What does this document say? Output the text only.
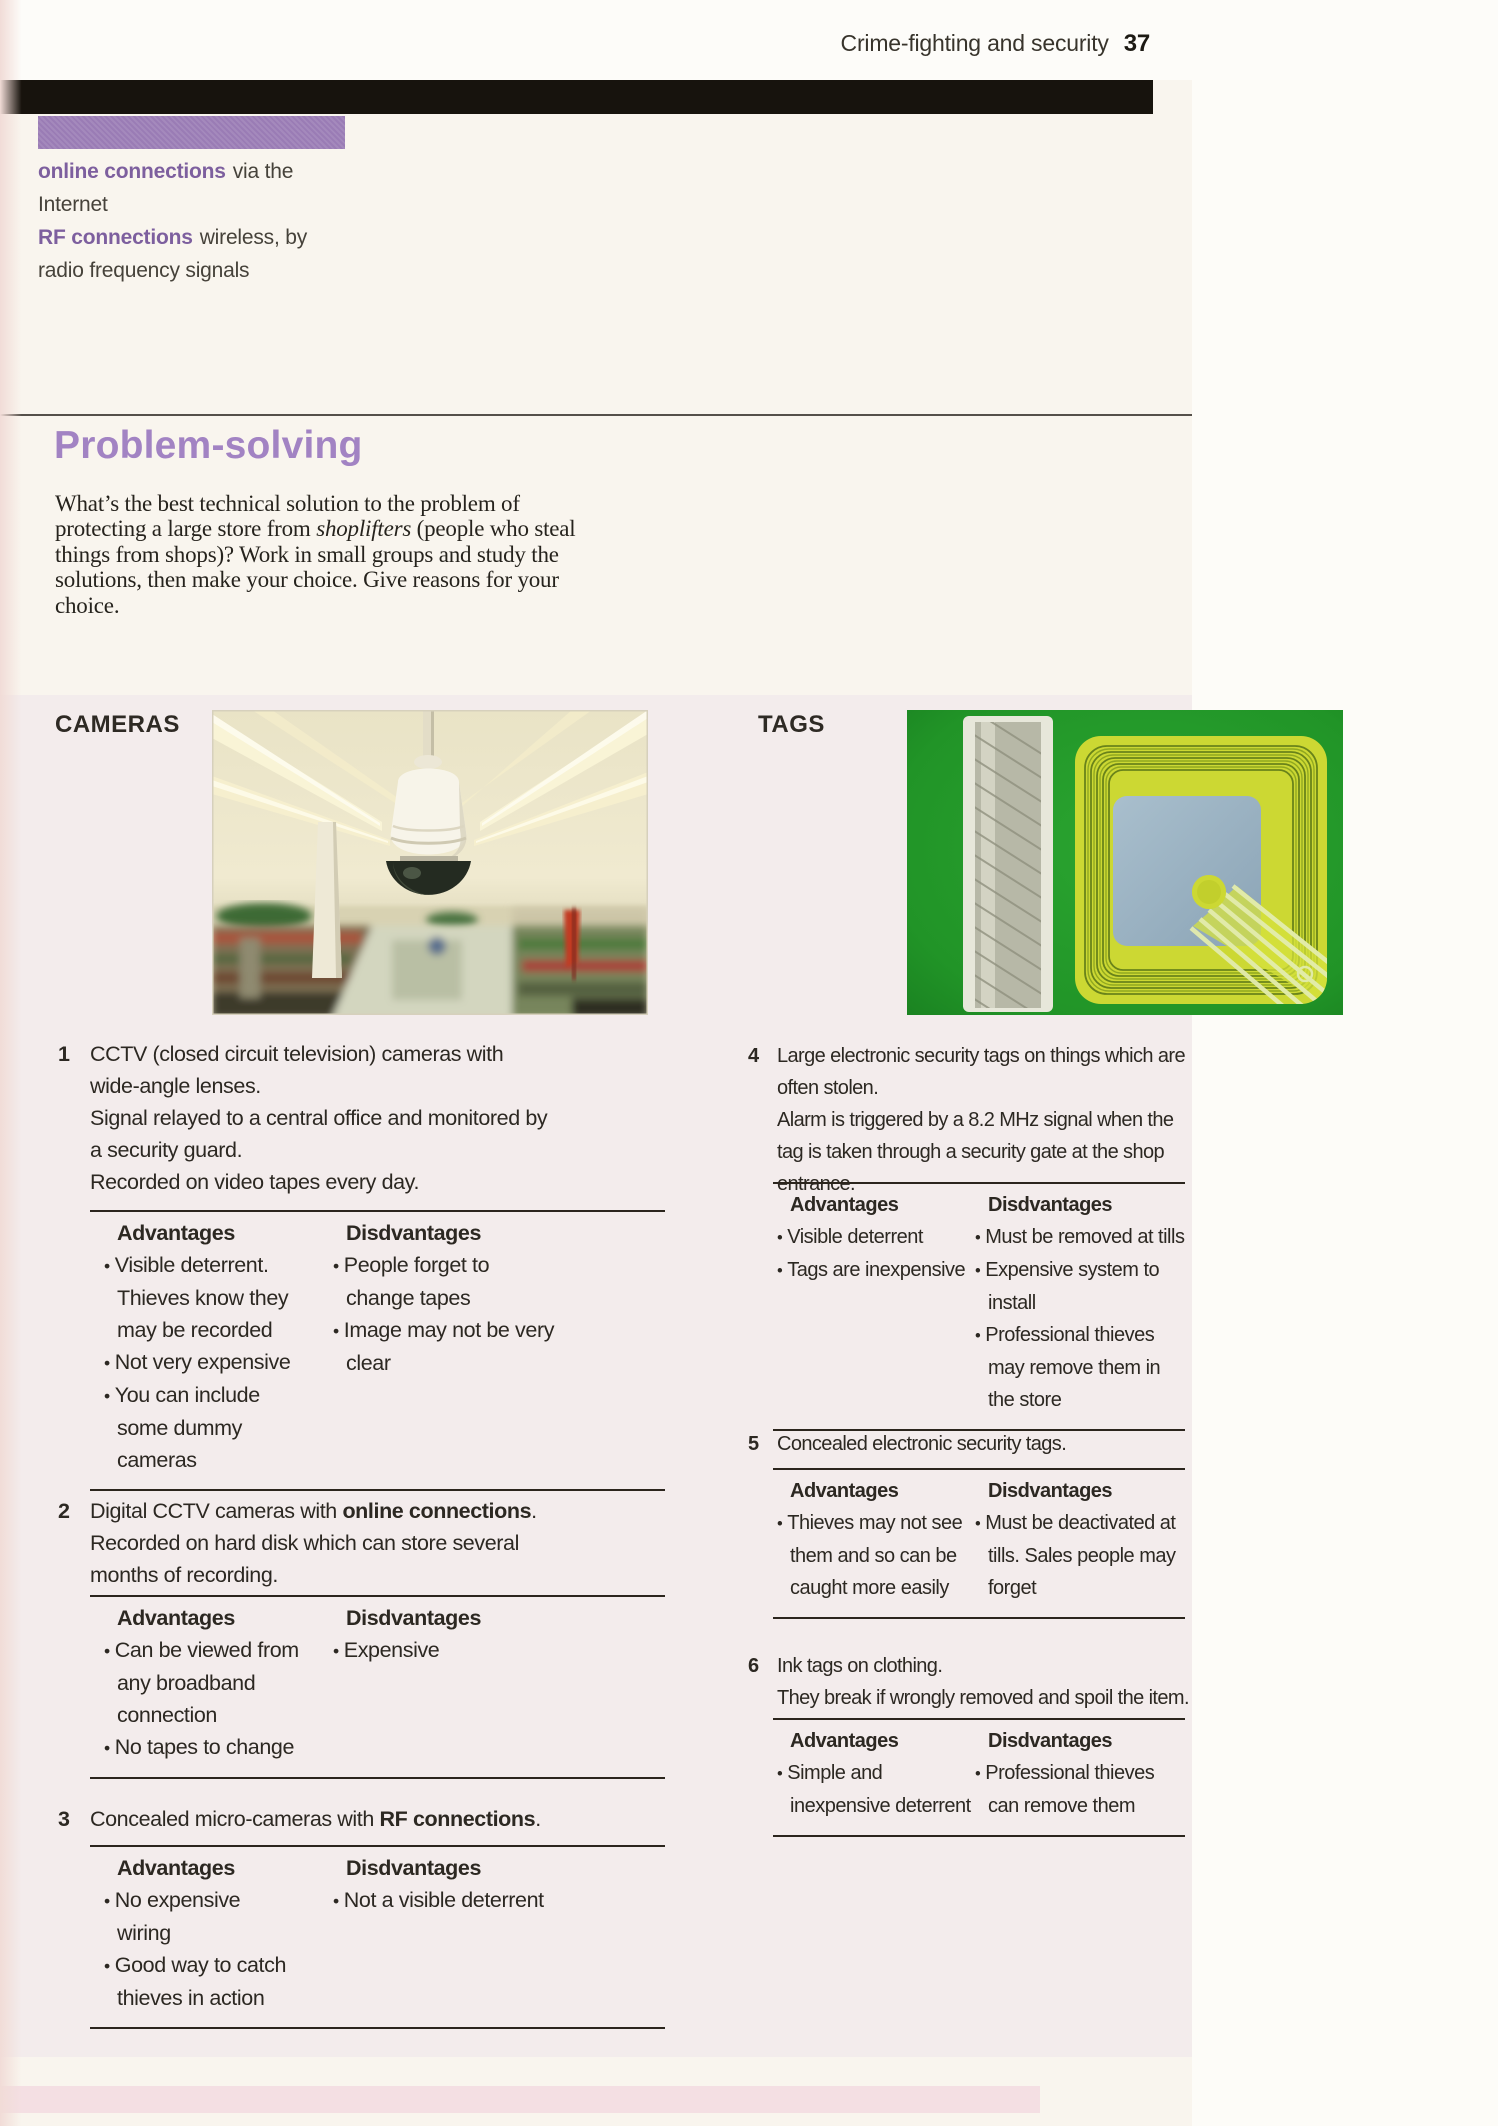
Crime-fighting and security 37
online connections via the Internet
RF connections wireless, by radio frequency signals
Problem-solving

What’s the best technical solution to the problem of protecting a large store from shoplifters (people who steal things from shops)? Work in small groups and study the solutions, then make your choice. Give reasons for your choice.

CAMERAS	TAGS
1 CCTV (closed circuit television) cameras with wide-angle lenses.
Signal relayed to a central office and monitored by a security guard.
Recorded on video tapes every day.
Advantages
• Visible deterrent. Thieves know they may be recorded
• Not very expensive
• You can include some dummy cameras
Disdvantages
• People forget to change tapes
• Image may not be very clear
2 Digital CCTV cameras with online connections.
Recorded on hard disk which can store several months of recording.
Advantages
• Can be viewed from any broadband connection
• No tapes to change
Disdvantages
• Expensive
3 Concealed micro-cameras with RF connections.
Advantages
• No expensive wiring
• Good way to catch thieves in action
Disdvantages
• Not a visible deterrent
4 Large electronic security tags on things which are often stolen.
Alarm is triggered by a 8.2 MHz signal when the tag is taken through a security gate at the shop entrance.
Advantages
• Visible deterrent
• Tags are inexpensive
Disdvantages
• Must be removed at tills
• Expensive system to install
• Professional thieves may remove them in the store
5 Concealed electronic security tags.
Advantages
• Thieves may not see them and so can be caught more easily
Disdvantages
• Must be deactivated at tills. Sales people may forget
6 Ink tags on clothing.
They break if wrongly removed and spoil the item.
Advantages
• Simple and inexpensive deterrent
Disdvantages
• Professional thieves can remove them
